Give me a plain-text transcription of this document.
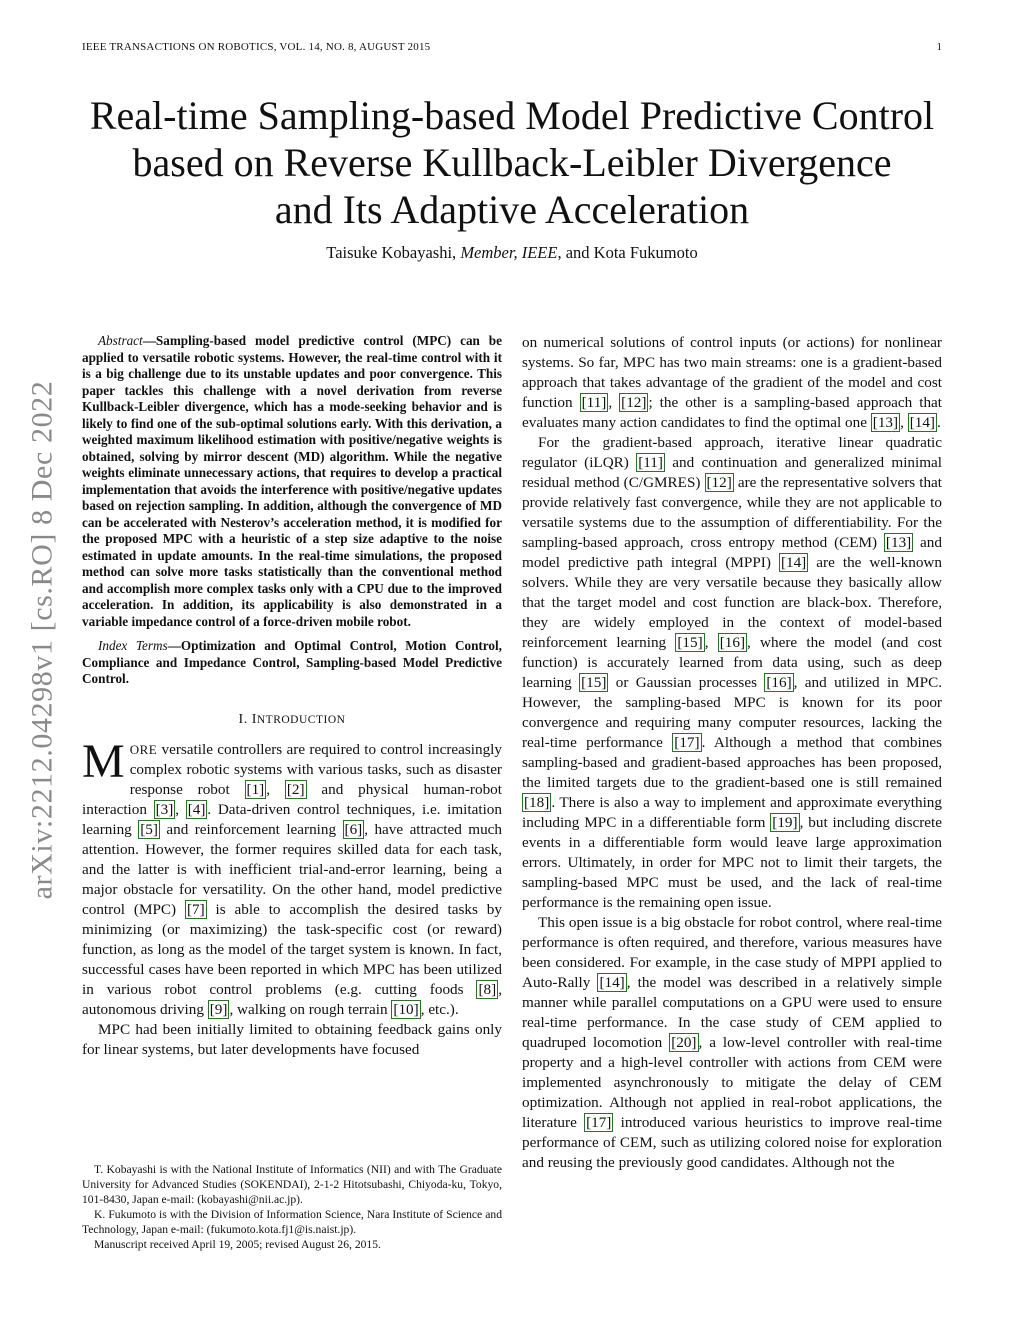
IEEE TRANSACTIONS ON ROBOTICS, VOL. 14, NO. 8, AUGUST 2015	1
arXiv:2212.04298v1 [cs.RO] 8 Dec 2022
Real-time Sampling-based Model Predictive Control
based on Reverse Kullback-Leibler Divergence
and Its Adaptive Acceleration
Taisuke Kobayashi, Member, IEEE, and Kota Fukumoto

Abstract—Sampling-based model predictive control (MPC) can be applied to versatile robotic systems. However, the real-time control with it is a big challenge due to its unstable updates and poor convergence. This paper tackles this challenge with a novel derivation from reverse Kullback-Leibler divergence, which has a mode-seeking behavior and is likely to find one of the sub-optimal solutions early. With this derivation, a weighted maximum likelihood estimation with positive/negative weights is obtained, solving by mirror descent (MD) algorithm. While the negative weights eliminate unnecessary actions, that requires to develop a practical implementation that avoids the interference with positive/negative updates based on rejection sampling. In addition, although the convergence of MD can be accelerated with Nesterov’s acceleration method, it is modified for the proposed MPC with a heuristic of a step size adaptive to the noise estimated in update amounts. In the real-time simulations, the proposed method can solve more tasks statistically than the conventional method and accomplish more complex tasks only with a CPU due to the improved acceleration. In addition, its applicability is also demonstrated in a variable impedance control of a force-driven mobile robot.

Index Terms—Optimization and Optimal Control, Motion Control, Compliance and Impedance Control, Sampling-based Model Predictive Control.

I. INTRODUCTION

MORE versatile controllers are required to control increasingly complex robotic systems with various tasks, such as disaster response robot [1] , [2] and physical human-robot interaction [3] , [4] . Data-driven control techniques, i.e. imitation learning [5] and reinforcement learning [6] , have attracted much attention. However, the former requires skilled data for each task, and the latter is with inefficient trial-and-error learning, being a major obstacle for versatility. On the other hand, model predictive control (MPC) [7] is able to accomplish the desired tasks by minimizing (or maximizing) the task-specific cost (or reward) function, as long as the model of the target system is known. In fact, successful cases have been reported in which MPC has been utilized in various robot control problems (e.g. cutting foods [8] , autonomous driving [9] , walking on rough terrain [10] , etc.).

MPC had been initially limited to obtaining feedback gains only for linear systems, but later developments have focused

on numerical solutions of control inputs (or actions) for nonlinear systems. So far, MPC has two main streams: one is a gradient-based approach that takes advantage of the gradient of the model and cost function [11] , [12] ; the other is a sampling-based approach that evaluates many action candidates to find the optimal one [13] , [14] .

For the gradient-based approach, iterative linear quadratic regulator (iLQR) [11] and continuation and generalized minimal residual method (C/GMRES) [12] are the representative solvers that provide relatively fast convergence, while they are not applicable to versatile systems due to the assumption of differentiability. For the sampling-based approach, cross entropy method (CEM) [13] and model predictive path integral (MPPI) [14] are the well-known solvers. While they are very versatile because they basically allow that the target model and cost function are black-box. Therefore, they are widely employed in the context of model-based reinforcement learning [15] , [16] , where the model (and cost function) is accurately learned from data using, such as deep learning [15] or Gaussian processes [16] , and utilized in MPC. However, the sampling-based MPC is known for its poor convergence and requiring many computer resources, lacking the real-time performance [17] . Although a method that combines sampling-based and gradient-based approaches has been proposed, the limited targets due to the gradient-based one is still remained [18] . There is also a way to implement and approximate everything including MPC in a differentiable form [19] , but including discrete events in a differentiable form would leave large approximation errors. Ultimately, in order for MPC not to limit their targets, the sampling-based MPC must be used, and the lack of real-time performance is the remaining open issue.

This open issue is a big obstacle for robot control, where real-time performance is often required, and therefore, various measures have been considered. For example, in the case study of MPPI applied to Auto-Rally [14] , the model was described in a relatively simple manner while parallel computations on a GPU were used to ensure real-time performance. In the case study of CEM applied to quadruped locomotion [20] , a low-level controller with real-time property and a high-level controller with actions from CEM were implemented asynchronously to mitigate the delay of CEM optimization. Although not applied in real-robot applications, the literature [17] introduced various heuristics to improve real-time performance of CEM, such as utilizing colored noise for exploration and reusing the previously good candidates. Although not the

T. Kobayashi is with the National Institute of Informatics (NII) and with The Graduate University for Advanced Studies (SOKENDAI), 2-1-2 Hitotsubashi, Chiyoda-ku, Tokyo, 101-8430, Japan e-mail: (kobayashi@nii.ac.jp).

K. Fukumoto is with the Division of Information Science, Nara Institute of Science and Technology, Japan e-mail: (fukumoto.kota.fj1@is.naist.jp).

Manuscript received April 19, 2005; revised August 26, 2015.
